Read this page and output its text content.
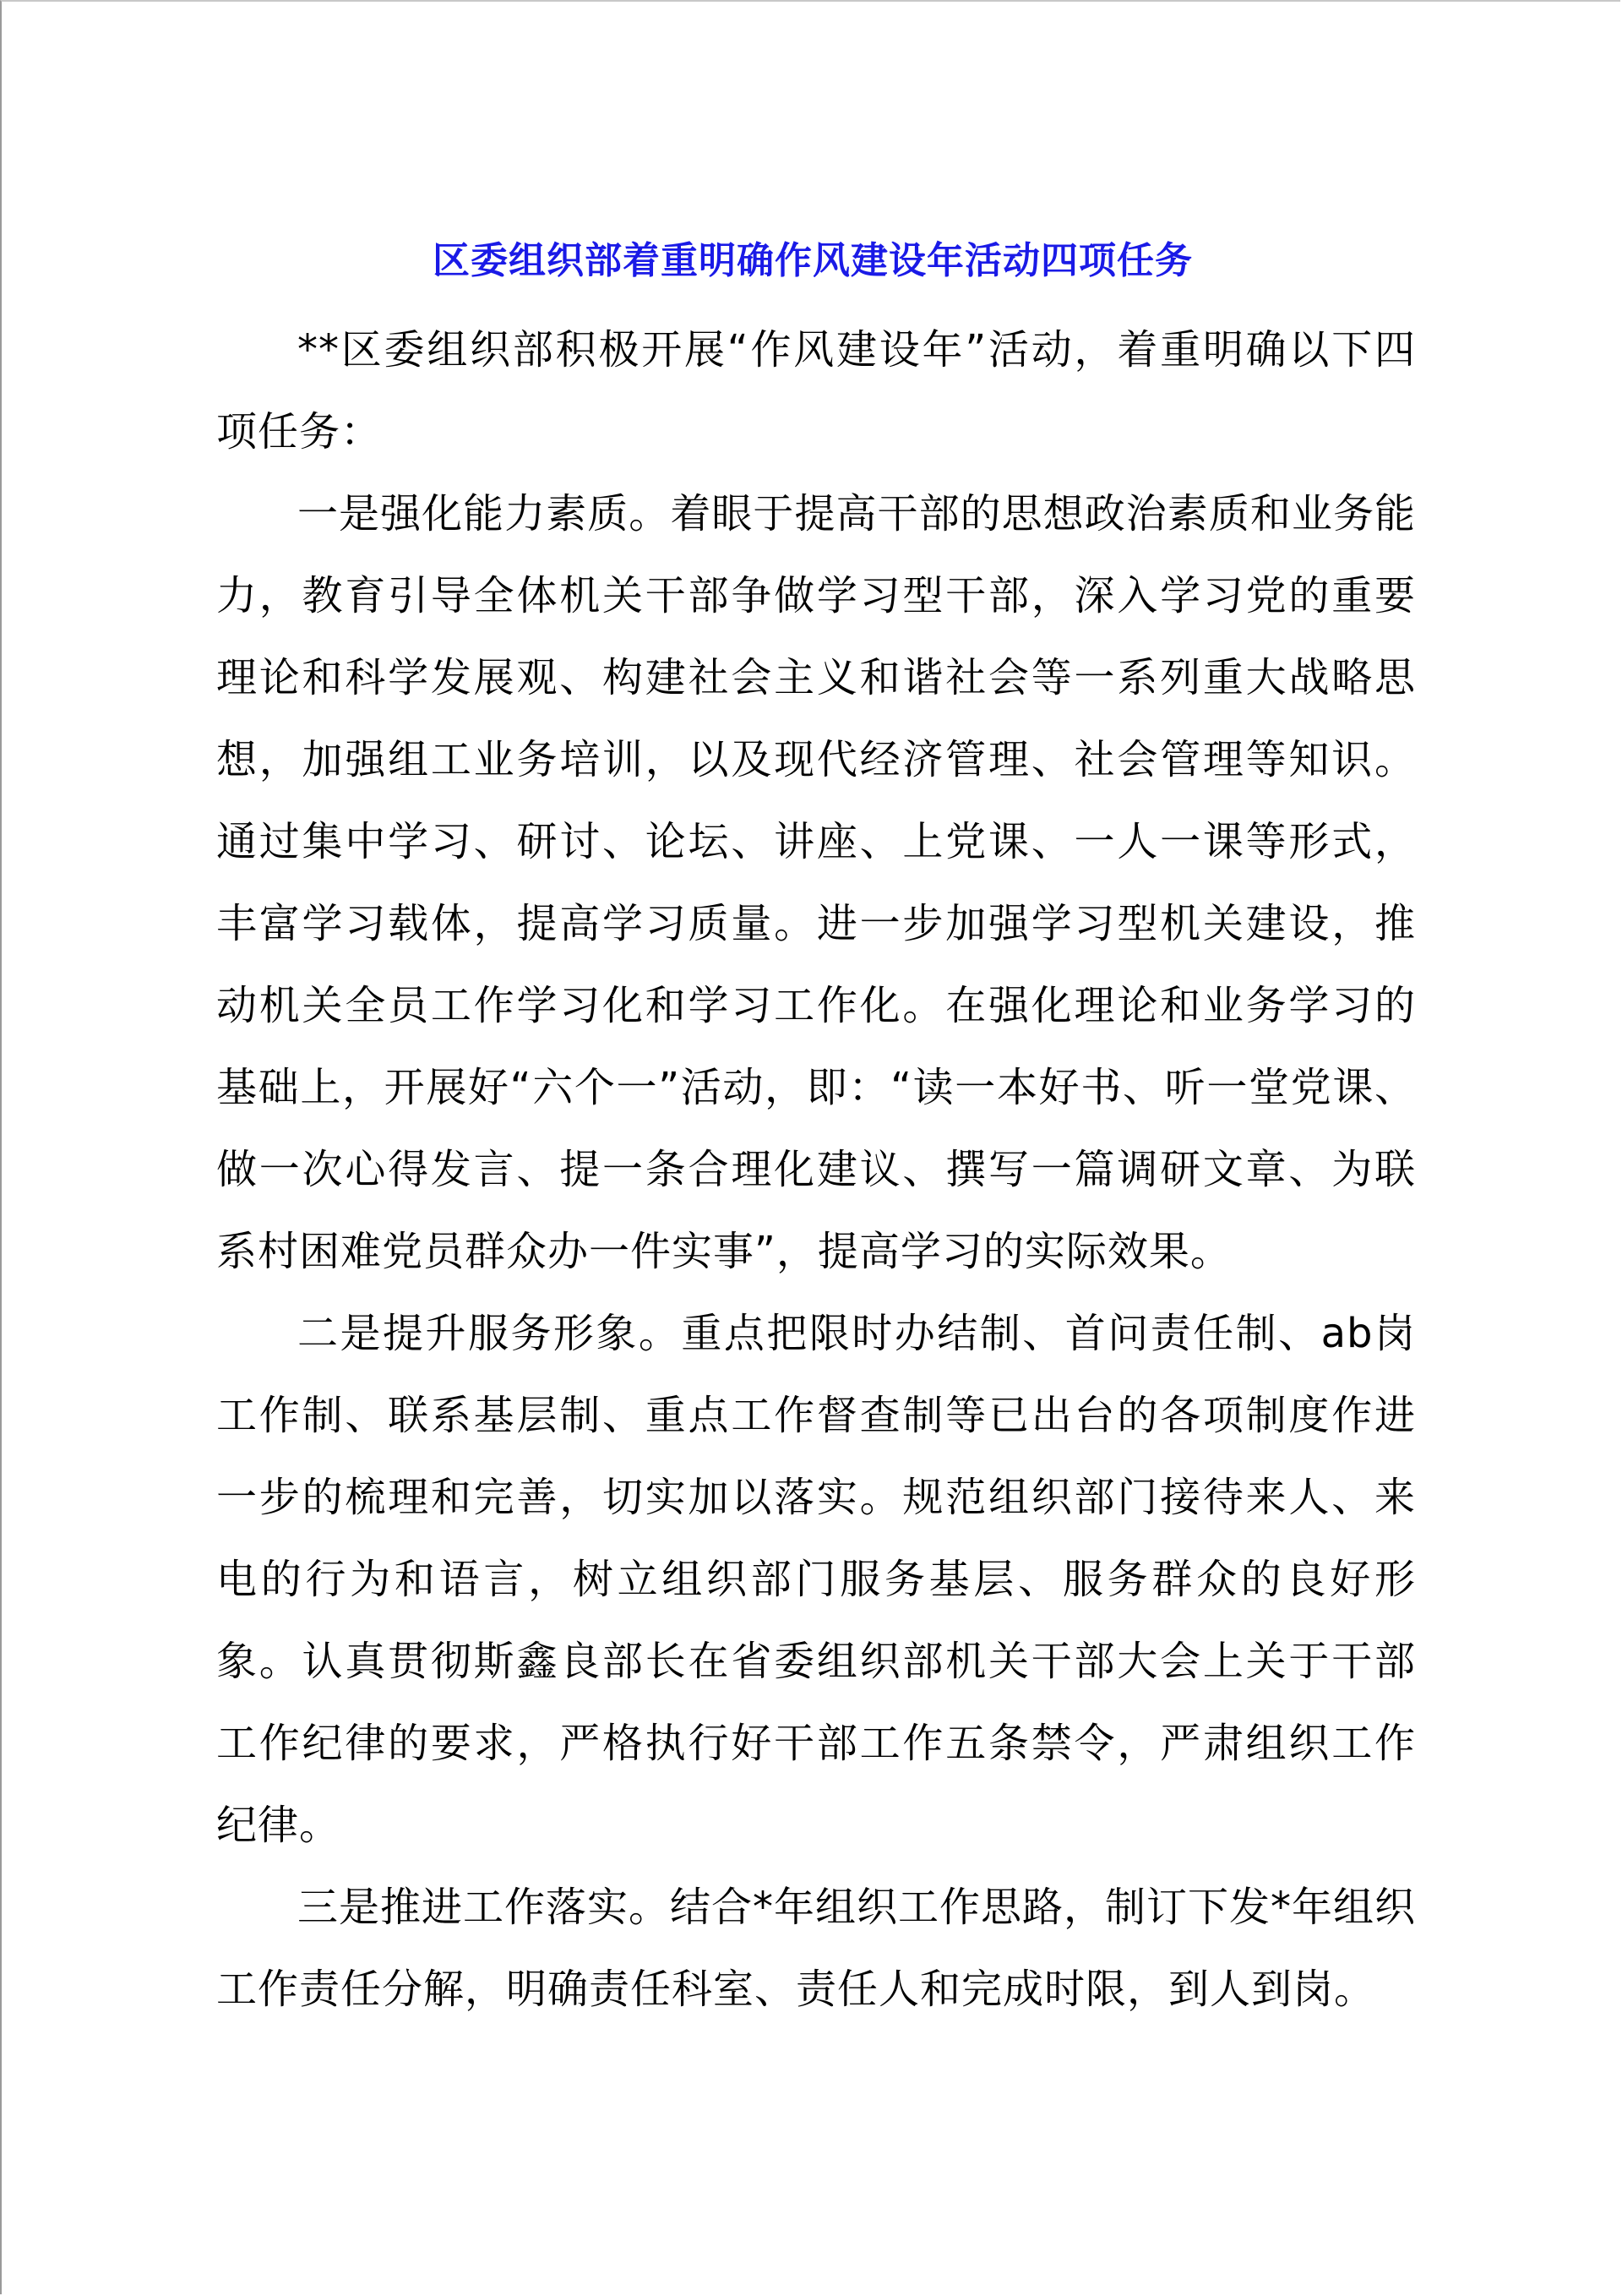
区委组织部着重明确作风建设年活动四项任务

**区委组织部积极开展“作风建设年”活动，着重明确以下四项任务：

一是强化能力素质。着眼于提高干部的思想政治素质和业务能力，教育引导全体机关干部争做学习型干部，深入学习党的重要理论和科学发展观、构建社会主义和谐社会等一系列重大战略思想，加强组工业务培训，以及现代经济管理、社会管理等知识。通过集中学习、研讨、论坛、讲座、上党课、一人一课等形式，丰富学习载体，提高学习质量。进一步加强学习型机关建设，推动机关全员工作学习化和学习工作化。在强化理论和业务学习的基础上，开展好“六个一”活动，即：“读一本好书、听一堂党课、做一次心得发言、提一条合理化建议、撰写一篇调研文章、为联系村困难党员群众办一件实事”，提高学习的实际效果。

二是提升服务形象。重点把限时办结制、首问责任制、ab岗工作制、联系基层制、重点工作督查制等已出台的各项制度作进一步的梳理和完善，切实加以落实。规范组织部门接待来人、来电的行为和语言，树立组织部门服务基层、服务群众的良好形象。认真贯彻斯鑫良部长在省委组织部机关干部大会上关于干部工作纪律的要求，严格执行好干部工作五条禁令，严肃组织工作纪律。

三是推进工作落实。结合*年组织工作思路，制订下发*年组织工作责任分解，明确责任科室、责任人和完成时限，到人到岗。
